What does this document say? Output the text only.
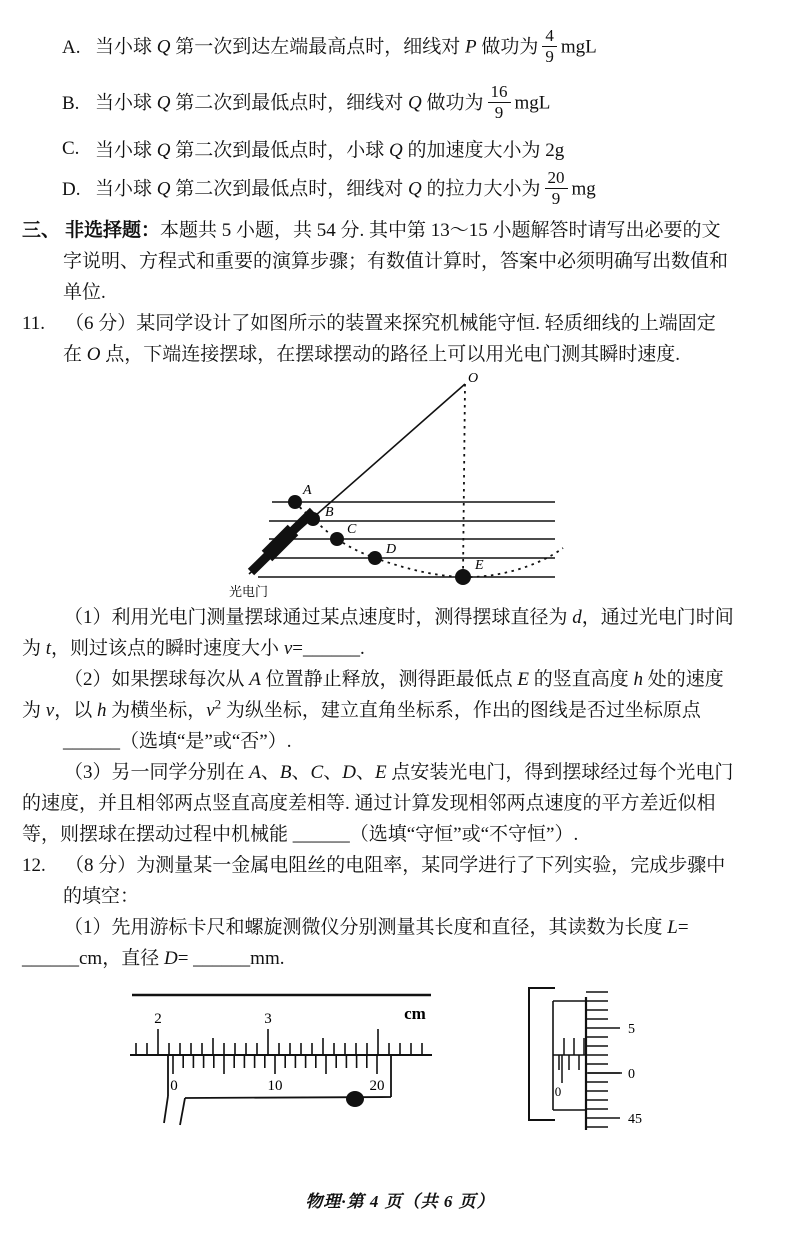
A. 当小球 Q 第一次到达左端最高点时，细线对 P 做功为 $\frac{4}{9}$ mgL
B. 当小球 Q 第二次到最低点时，细线对 Q 做功为 $\frac{16}{9}$ mgL
C. 当小球 Q 第二次到最低点时，小球 Q 的加速度大小为 2g
D. 当小球 Q 第二次到最低点时，细线对 Q 的拉力大小为 $\frac{20}{9}$ mg
三、 非选择题：本题共 5 小题，共 54 分. 其中第 13～15 小题解答时请写出必要的文
字说明、方程式和重要的演算步骤；有数值计算时，答案中必须明确写出数值和
单位.
11. （6 分）某同学设计了如图所示的装置来探究机械能守恒. 轻质细线的上端固定
在 O 点，下端连接摆球，在摆球摆动的路径上可以用光电门测其瞬时速度.
O
A
B
C
D
E
光电门
（1）利用光电门测量摆球通过某点速度时，测得摆球直径为 d，通过光电门时间
为 t，则过该点的瞬时速度大小 v=______.
（2）如果摆球每次从 A 位置静止释放，测得距最低点 E 的竖直高度 h 处的速度
为 v，以 h 为横坐标，$v^2$ 为纵坐标，建立直角坐标系，作出的图线是否过坐标原点
______（选填“是”或“否”）.
（3）另一同学分别在 A、B、C、D、E 点安装光电门，得到摆球经过每个光电门
的速度，并且相邻两点竖直高度差相等. 通过计算发现相邻两点速度的平方差近似相
等，则摆球在摆动过程中机械能 ______（选填“守恒”或“不守恒”）.
12. （8 分）为测量某一金属电阻丝的电阻率，某同学进行了下列实验，完成步骤中
的填空：
（1）先用游标卡尺和螺旋测微仪分别测量其长度和直径，其读数为长度 L=
______cm，直径 D= ______mm.
2	3	cm
0	10	20	0
5
0
45
物理·第 4 页（共 6 页）
